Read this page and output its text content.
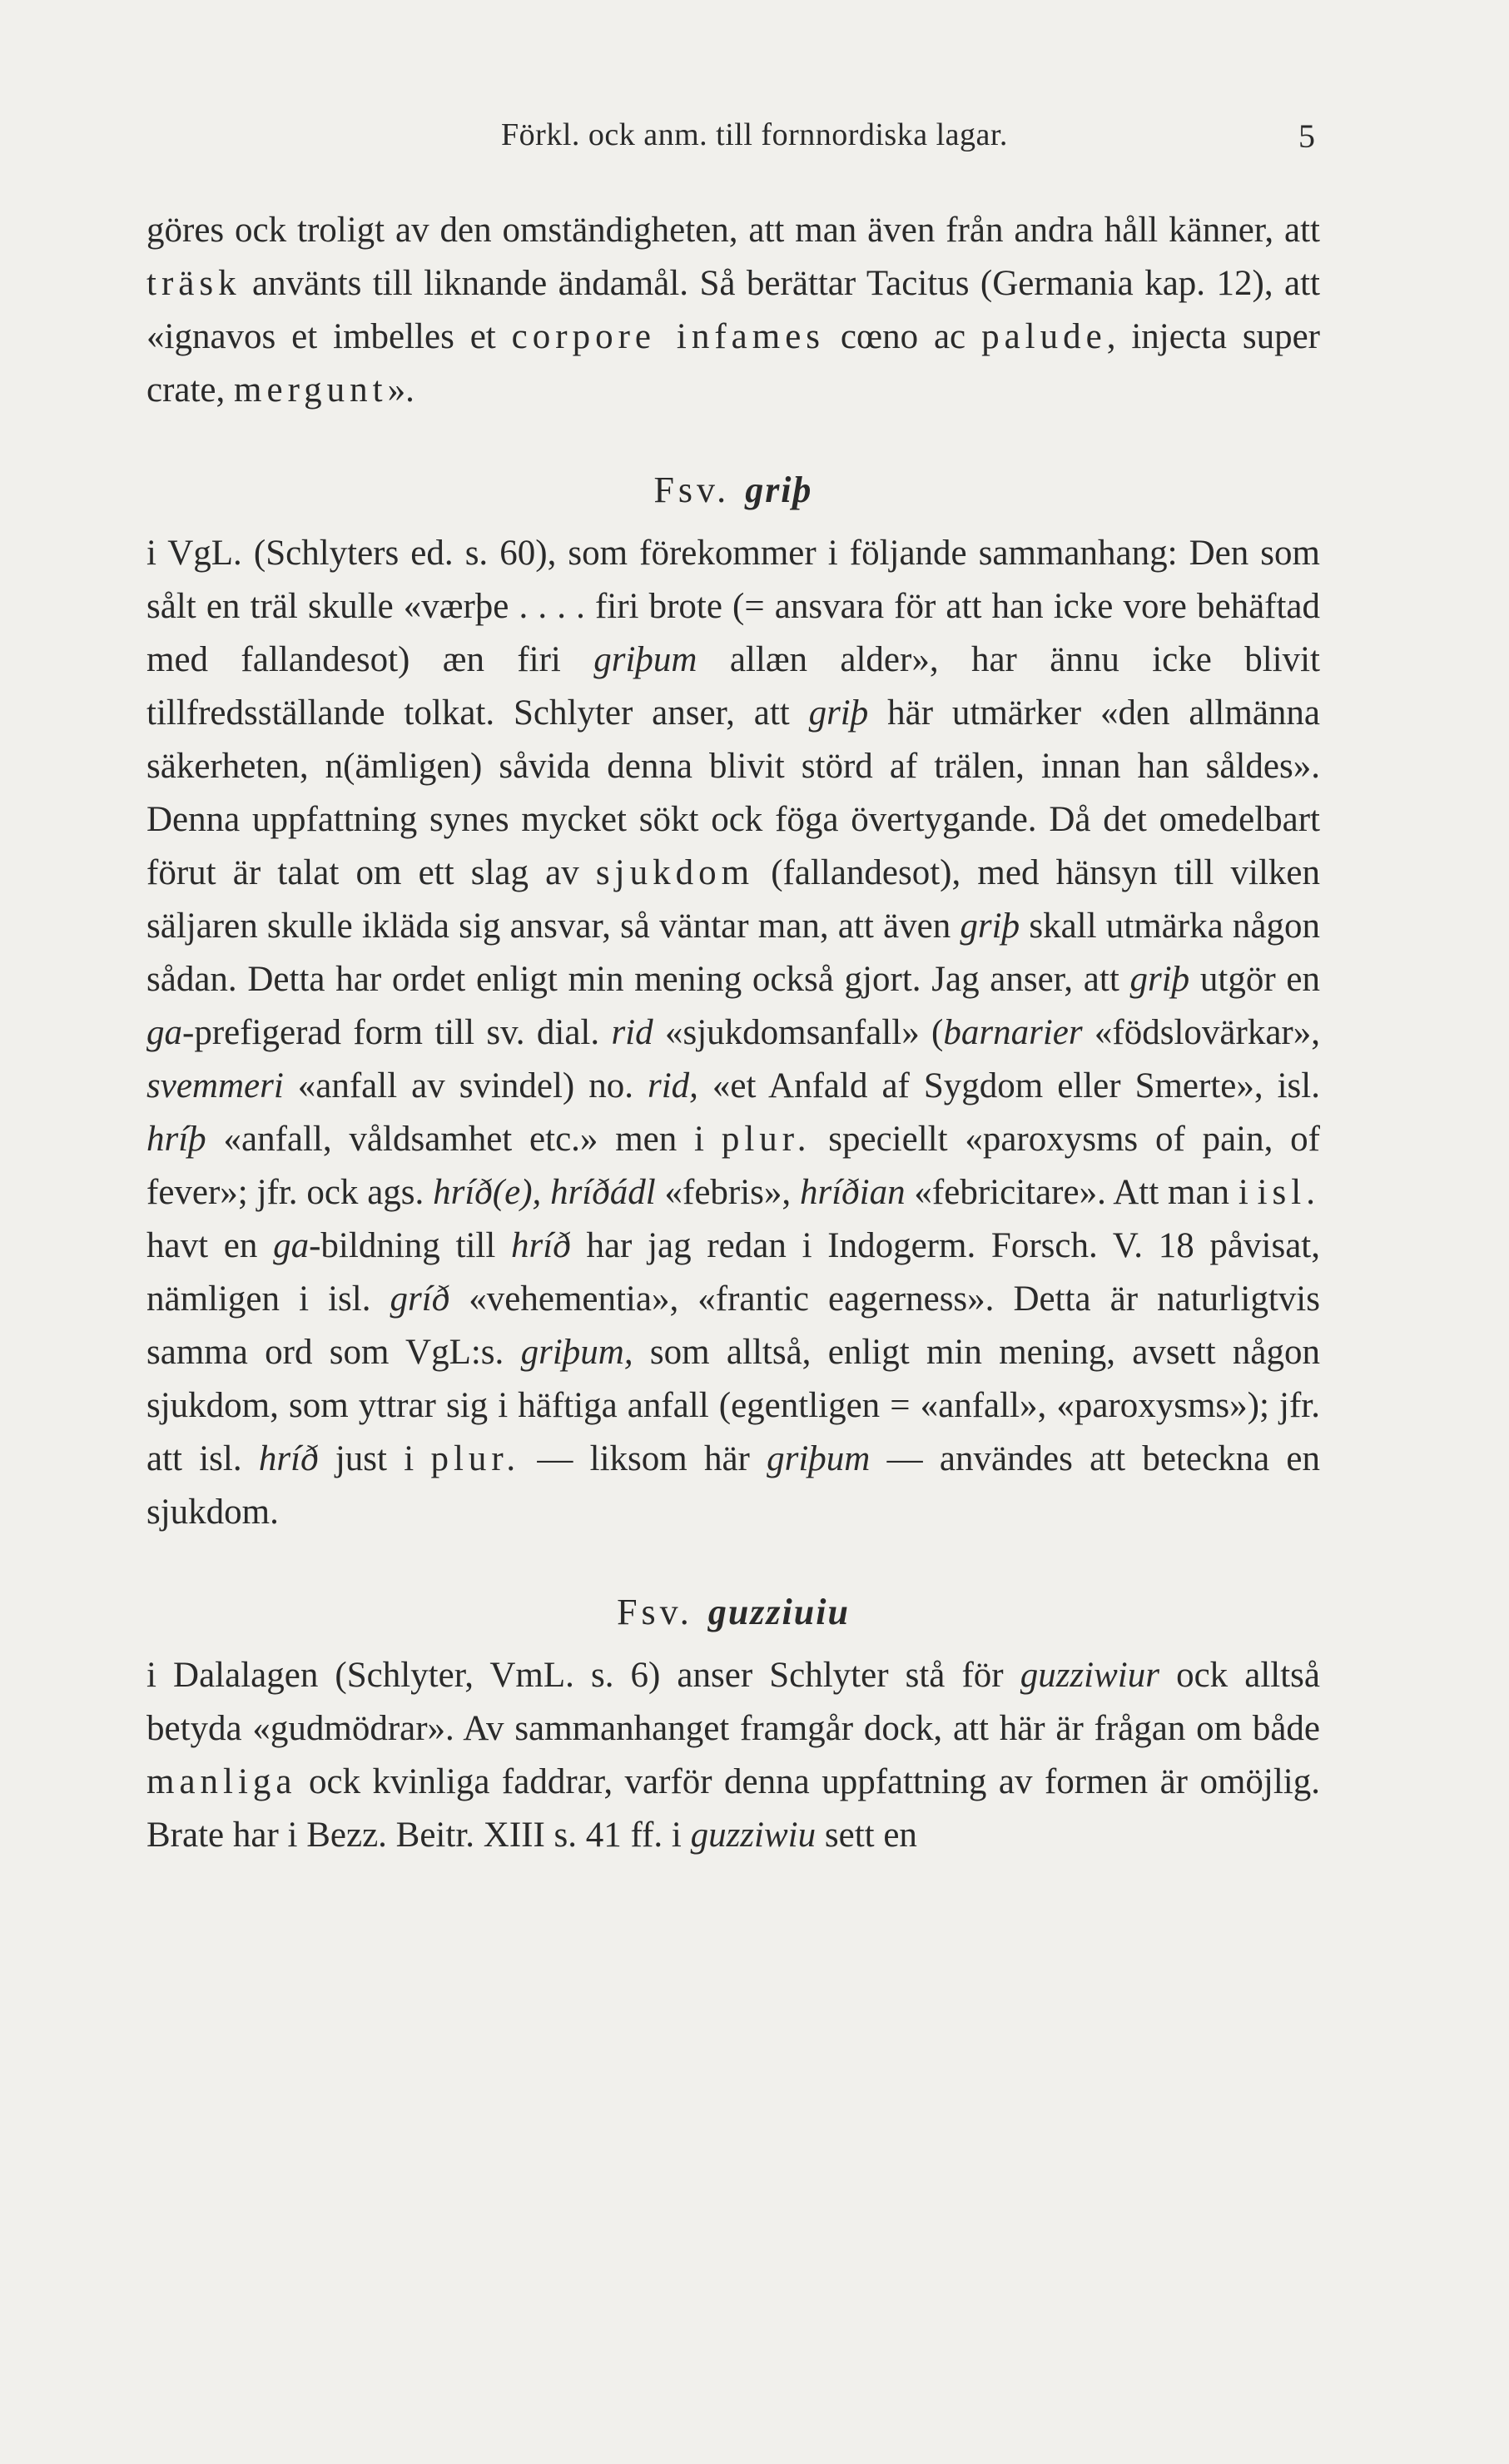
Förkl. ock anm. till fornnordiska lagar.	5

göres ock troligt av den omständigheten, att man även från andra håll känner, att träsk använts till liknande ändamål. Så berättar Tacitus (Germania kap. 12), att «ignavos et imbelles et corpore infames cœno ac palude, injecta super crate, mergunt».

Fsv. griþ

i VgL. (Schlyters ed. s. 60), som förekommer i följande sammanhang: Den som sålt en träl skulle «værþe . . . . firi brote (= ansvara för att han icke vore behäftad med fallandesot) æn firi griþum allæn alder», har ännu icke blivit tillfredsställande tolkat. Schlyter anser, att griþ här utmärker «den allmänna säkerheten, n(ämligen) såvida denna blivit störd af trälen, innan han såldes». Denna uppfattning synes mycket sökt ock föga övertygande. Då det omedelbart förut är talat om ett slag av sjukdom (fallandesot), med hänsyn till vilken säljaren skulle ikläda sig ansvar, så väntar man, att även griþ skall utmärka någon sådan. Detta har ordet enligt min mening också gjort. Jag anser, att griþ utgör en ga-prefigerad form till sv. dial. rid «sjukdomsanfall» (barnarier «födslovärkar», svemmeri «anfall av svindel) no. rid, «et Anfald af Sygdom eller Smerte», isl. hríþ «anfall, våldsamhet etc.» men i plur. speciellt «paroxysms of pain, of fever»; jfr. ock ags. hríð(e), hríðádl «febris», hríðian «febricitare». Att man i isl. havt en ga-bildning till hríð har jag redan i Indogerm. Forsch. V. 18 påvisat, nämligen i isl. gríð «vehementia», «frantic eagerness». Detta är naturligtvis samma ord som VgL:s. griþum, som alltså, enligt min mening, avsett någon sjukdom, som yttrar sig i häftiga anfall (egentligen = «anfall», «paroxysms»); jfr. att isl. hríð just i plur. — liksom här griþum — användes att beteckna en sjukdom.

Fsv. guzziuiu

i Dalalagen (Schlyter, VmL. s. 6) anser Schlyter stå för guzziwiur ock alltså betyda «gudmödrar». Av sammanhanget framgår dock, att här är frågan om både manliga ock kvinliga faddrar, varför denna uppfattning av formen är omöjlig. Brate har i Bezz. Beitr. XIII s. 41 ff. i guzziwiu sett en
